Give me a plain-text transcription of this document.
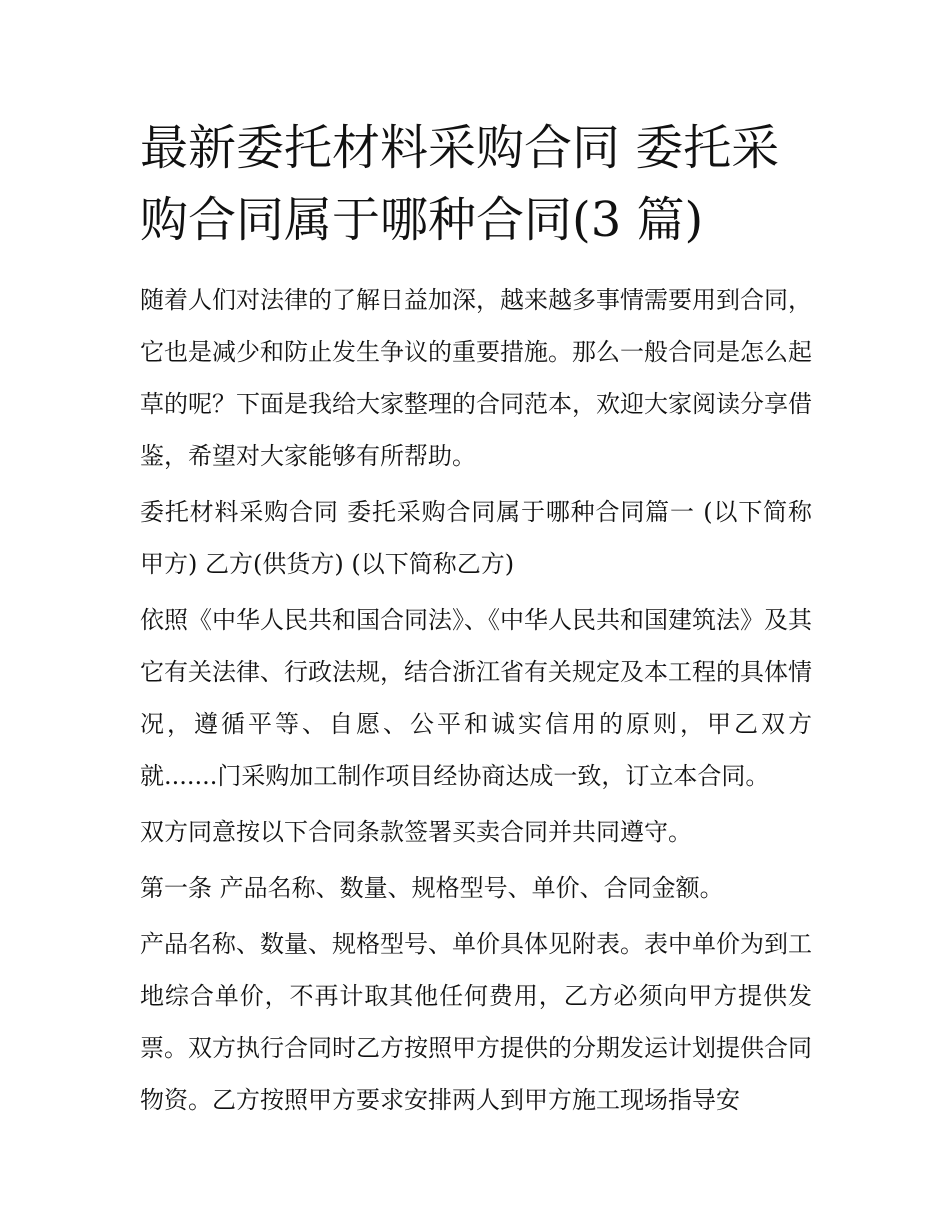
最新委托材料采购合同 委托采购合同属于哪种合同(3 篇)

随着人们对法律的了解日益加深，越来越多事情需要用到合同，它也是减少和防止发生争议的重要措施。那么一般合同是怎么起草的呢？下面是我给大家整理的合同范本，欢迎大家阅读分享借鉴，希望对大家能够有所帮助。

委托材料采购合同 委托采购合同属于哪种合同篇一 (以下简称甲方) 乙方(供货方) (以下简称乙方)

依照《中华人民共和国合同法》、《中华人民共和国建筑法》及其它有关法律、行政法规，结合浙江省有关规定及本工程的具体情况，遵循平等、自愿、公平和诚实信用的原则，甲乙双方就.......门采购加工制作项目经协商达成一致，订立本合同。

双方同意按以下合同条款签署买卖合同并共同遵守。

第一条 产品名称、数量、规格型号、单价、合同金额。

产品名称、数量、规格型号、单价具体见附表。表中单价为到工地综合单价，不再计取其他任何费用，乙方必须向甲方提供发票。双方执行合同时乙方按照甲方提供的分期发运计划提供合同物资。乙方按照甲方要求安排两人到甲方施工现场指导安
